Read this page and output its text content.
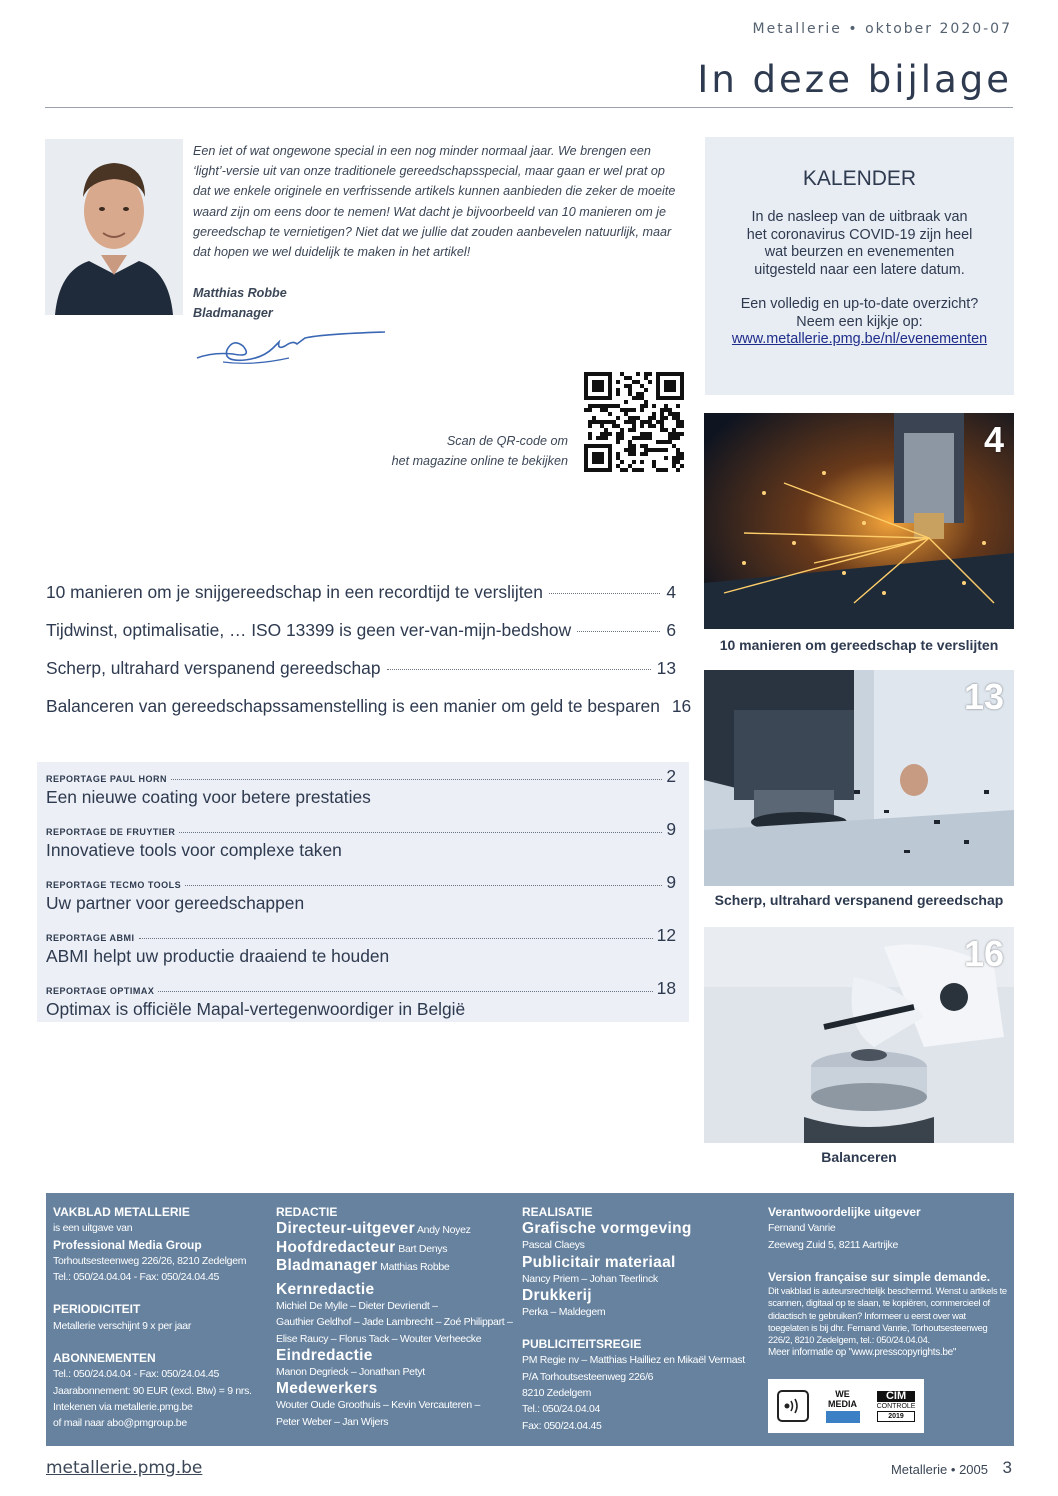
Metallerie • oktober 2020-07
In deze bijlage
Een iet of wat ongewone special in een nog minder normaal jaar. We brengen een ‘light’-versie uit van onze traditionele gereedschapsspecial, maar gaan er wel prat op dat we enkele originele en verfrissende artikels kunnen aanbieden die zeker de moeite waard zijn om eens door te nemen! Wat dacht je bijvoorbeeld van 10 manieren om je gereedschap te vernietigen? Niet dat we jullie dat zouden aanbevelen natuurlijk, maar dat hopen we wel duidelijk te maken in het artikel!
Matthias Robbe
Bladmanager
Scan de QR-code om
het magazine online te bekijken
KALENDER
In de nasleep van de uitbraak van het coronavirus COVID-19 zijn heel wat beurzen en evenementen uitgesteld naar een latere datum.
Een volledig en up-to-date overzicht? Neem een kijkje op:
www.metallerie.pmg.be/nl/evenementen
4
10 manieren om gereedschap te verslijten
13
Scherp, ultrahard verspanend gereedschap
16
Balanceren
10 manieren om je snijgereedschap in een recordtijd te verslijten	4
Tijdwinst, optimalisatie, … ISO 13399 is geen ver-van-mijn-bedshow	6
Scherp, ultrahard verspanend gereedschap	13
Balanceren van gereedschapssamenstelling is een manier om geld te besparen 16
REPORTAGE PAUL HORN	2
Een nieuwe coating voor betere prestaties
REPORTAGE DE FRUYTIER	9
Innovatieve tools voor complexe taken
REPORTAGE TECMO TOOLS	9
Uw partner voor gereedschappen
REPORTAGE ABMI	12
ABMI helpt uw productie draaiend te houden
REPORTAGE OPTIMAX	18
Optimax is officiële Mapal-vertegenwoordiger in België
VAKBLAD METALLERIE
is een uitgave van
Professional Media Group
Torhoutsesteenweg 226/26, 8210 Zedelgem
Tel.: 050/24.04.04 - Fax: 050/24.04.45
PERIODICITEIT
Metallerie verschijnt 9 x per jaar
ABONNEMENTEN
Tel.: 050/24.04.04 - Fax: 050/24.04.45
Jaarabonnement: 90 EUR (excl. Btw) = 9 nrs.
Intekenen via metallerie.pmg.be
of mail naar abo@pmgroup.be
REDACTIE
Directeur-uitgever Andy Noyez
Hoofdredacteur Bart Denys
Bladmanager Matthias Robbe
Kernredactie
Michiel De Mylle – Dieter Devriendt –
Gauthier Geldhof – Jade Lambrecht – Zoé Philippart –
Elise Raucy – Florus Tack – Wouter Verheecke
Eindredactie
Manon Degrieck – Jonathan Petyt
Medewerkers
Wouter Oude Groothuis – Kevin Vercauteren –
Peter Weber – Jan Wijers
REALISATIE
Grafische vormgeving
Pascal Claeys
Publicitair materiaal
Nancy Priem – Johan Teerlinck
Drukkerij
Perka – Maldegem
PUBLICITEITSREGIE
PM Regie nv – Matthias Hailliez en Mikaël Vermast
P/A Torhoutsesteenweg 226/6
8210 Zedelgem
Tel.: 050/24.04.04
Fax: 050/24.04.45
Verantwoordelijke uitgever
Fernand Vanrie
Zeeweg Zuid 5, 8211 Aartrijke
Version française sur simple demande.
Dit vakblad is auteursrechtelijk beschermd. Wenst u artikels te scannen, digitaal op te slaan, te kopiëren, commercieel of didactisch te gebruiken? Informeer u eerst over wat toegelaten is bij dhr. Fernand Vanrie, Torhoutsesteenweg 226/2, 8210 Zedelgem, tel.: 050/24.04.04.
Meer informatie op "www.presscopyrights.be"
WE
MEDIA
CIM
CONTROLE
2019
metallerie.pmg.be	Metallerie • 2005 3
